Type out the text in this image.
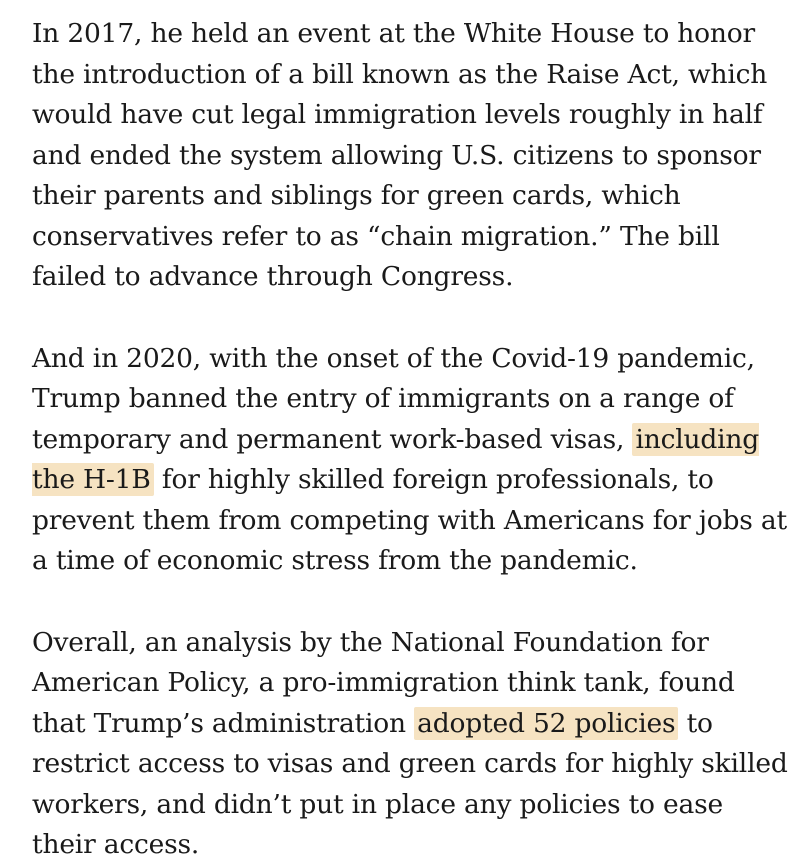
In 2017, he held an event at the White House to honor the introduction of a bill known as the Raise Act, which would have cut legal immigration levels roughly in half and ended the system allowing U.S. citizens to sponsor their parents and siblings for green cards, which conservatives refer to as “chain migration.” The bill failed to advance through Congress.

And in 2020, with the onset of the Covid-19 pandemic, Trump banned the entry of immigrants on a range of temporary and permanent work-based visas, including the H-1B for highly skilled foreign professionals, to prevent them from competing with Americans for jobs at a time of economic stress from the pandemic.

Overall, an analysis by the National Foundation for American Policy, a pro-immigration think tank, found that Trump’s administration adopted 52 policies to restrict access to visas and green cards for highly skilled workers, and didn’t put in place any policies to ease their access.
